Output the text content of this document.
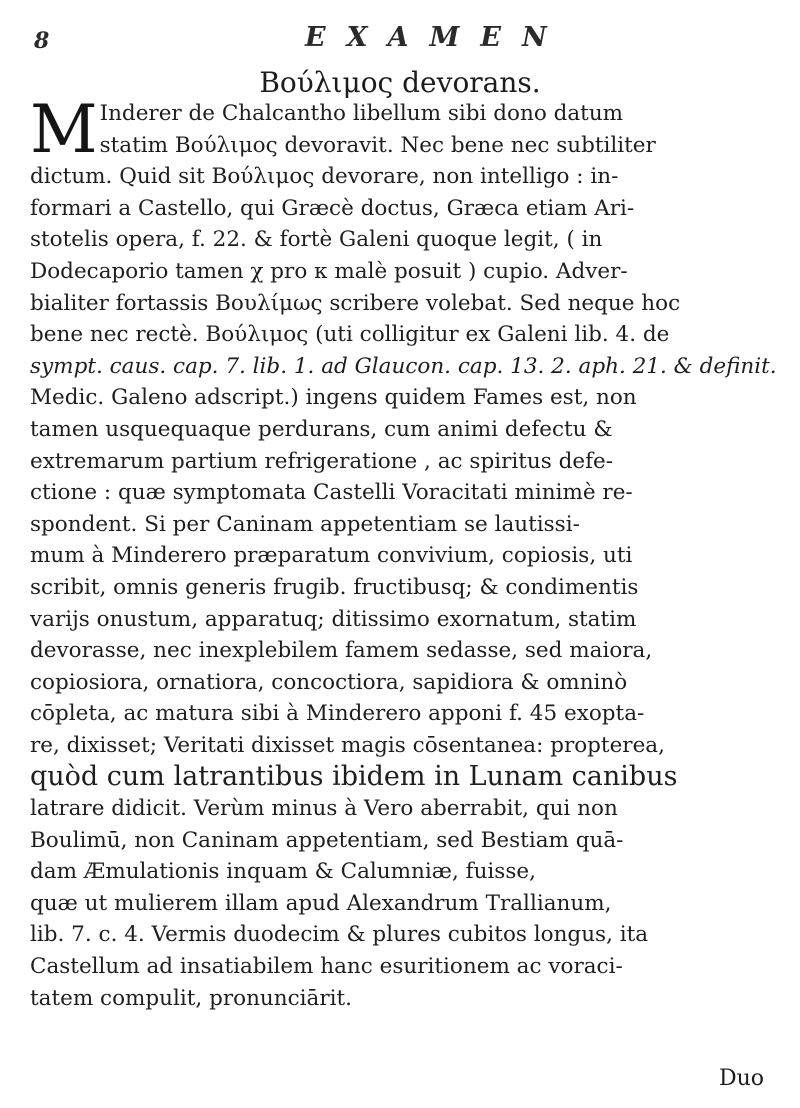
8	EXAMEN
Βούλιμος devorans.
M Inderer de Chalcantho libellum sibi dono datum
statim Βούλιμος devoravit. Nec bene nec subtiliter
dictum. Quid sit Βούλιμος devorare, non intelligo : in-
formari a Castello, qui Græcè doctus, Græca etiam Ari-
stotelis opera, f. 22. & fortè Galeni quoque legit, ( in
Dodecaporio tamen χ pro κ malè posuit ) cupio. Adver-
bialiter fortassis Βουλίμως scribere volebat. Sed neque hoc
bene nec rectè. Βούλιμος (uti colligitur ex Galeni lib. 4. de
sympt. caus. cap. 7. lib. 1. ad Glaucon. cap. 13. 2. aph. 21. & definit.
Medic. Galeno adscript.) ingens quidem Fames est, non
tamen usquequaque perdurans, cum animi defectu &
extremarum partium refrigeratione , ac spiritus defe-
ctione : quæ symptomata Castelli Voracitati minimè re-
spondent. Si per Caninam appetentiam se lautissi-
mum à Minderero præparatum convivium, copiosis, uti
scribit, omnis generis frugib. fructibusq; & condimentis
varijs onustum, apparatuq; ditissimo exornatum, statim
devorasse, nec inexplebilem famem sedasse, sed maiora,
copiosiora, ornatiora, concoctiora, sapidiora & omninò
cōpleta, ac matura sibi à Minderero apponi f. 45 exopta-
re, dixisset; Veritati dixisset magis cōsentanea: propterea,
quòd cum latrantibus ibidem in Lunam canibus
latrare didicit. Verùm minus à Vero aberrabit, qui non
Boulimū, non Caninam appetentiam, sed Bestiam quā-
dam Æmulationis inquam & Calumniæ, fuisse,
quæ ut mulierem illam apud Alexandrum Trallianum,
lib. 7. c. 4. Vermis duodecim & plures cubitos longus, ita
Castellum ad insatiabilem hanc esuritionem ac voraci-
tatem compulit, pronunciārit.
Duo
